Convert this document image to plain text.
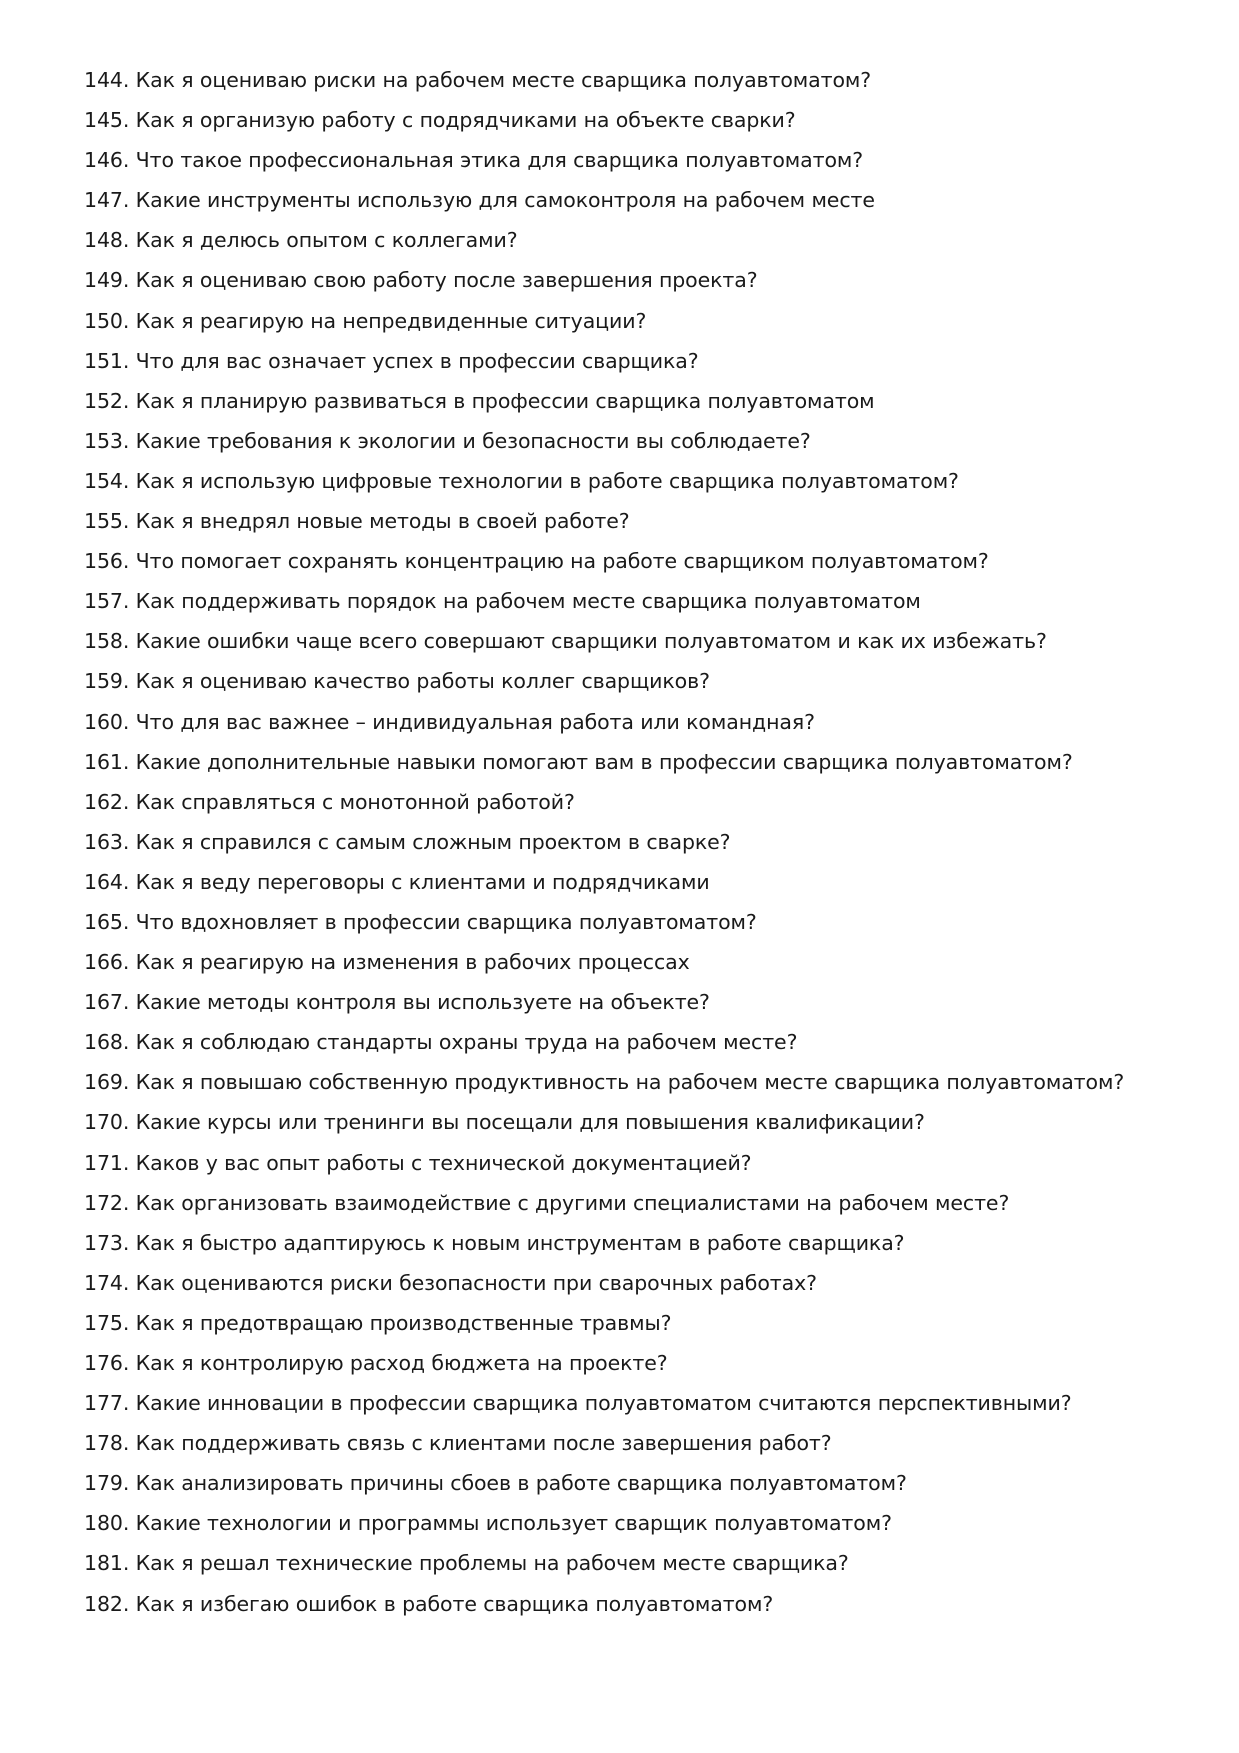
144. Как я оцениваю риски на рабочем месте сварщика полуавтоматом?
145. Как я организую работу с подрядчиками на объекте сварки?
146. Что такое профессиональная этика для сварщика полуавтоматом?
147. Какие инструменты использую для самоконтроля на рабочем месте
148. Как я делюсь опытом с коллегами?
149. Как я оцениваю свою работу после завершения проекта?
150. Как я реагирую на непредвиденные ситуации?
151. Что для вас означает успех в профессии сварщика?
152. Как я планирую развиваться в профессии сварщика полуавтоматом
153. Какие требования к экологии и безопасности вы соблюдаете?
154. Как я использую цифровые технологии в работе сварщика полуавтоматом?
155. Как я внедрял новые методы в своей работе?
156. Что помогает сохранять концентрацию на работе сварщиком полуавтоматом?
157. Как поддерживать порядок на рабочем месте сварщика полуавтоматом
158. Какие ошибки чаще всего совершают сварщики полуавтоматом и как их избежать?
159. Как я оцениваю качество работы коллег сварщиков?
160. Что для вас важнее – индивидуальная работа или командная?
161. Какие дополнительные навыки помогают вам в профессии сварщика полуавтоматом?
162. Как справляться с монотонной работой?
163. Как я справился с самым сложным проектом в сварке?
164. Как я веду переговоры с клиентами и подрядчиками
165. Что вдохновляет в профессии сварщика полуавтоматом?
166. Как я реагирую на изменения в рабочих процессах
167. Какие методы контроля вы используете на объекте?
168. Как я соблюдаю стандарты охраны труда на рабочем месте?
169. Как я повышаю собственную продуктивность на рабочем месте сварщика полуавтоматом?
170. Какие курсы или тренинги вы посещали для повышения квалификации?
171. Каков у вас опыт работы с технической документацией?
172. Как организовать взаимодействие с другими специалистами на рабочем месте?
173. Как я быстро адаптируюсь к новым инструментам в работе сварщика?
174. Как оцениваются риски безопасности при сварочных работах?
175. Как я предотвращаю производственные травмы?
176. Как я контролирую расход бюджета на проекте?
177. Какие инновации в профессии сварщика полуавтоматом считаются перспективными?
178. Как поддерживать связь с клиентами после завершения работ?
179. Как анализировать причины сбоев в работе сварщика полуавтоматом?
180. Какие технологии и программы использует сварщик полуавтоматом?
181. Как я решал технические проблемы на рабочем месте сварщика?
182. Как я избегаю ошибок в работе сварщика полуавтоматом?
